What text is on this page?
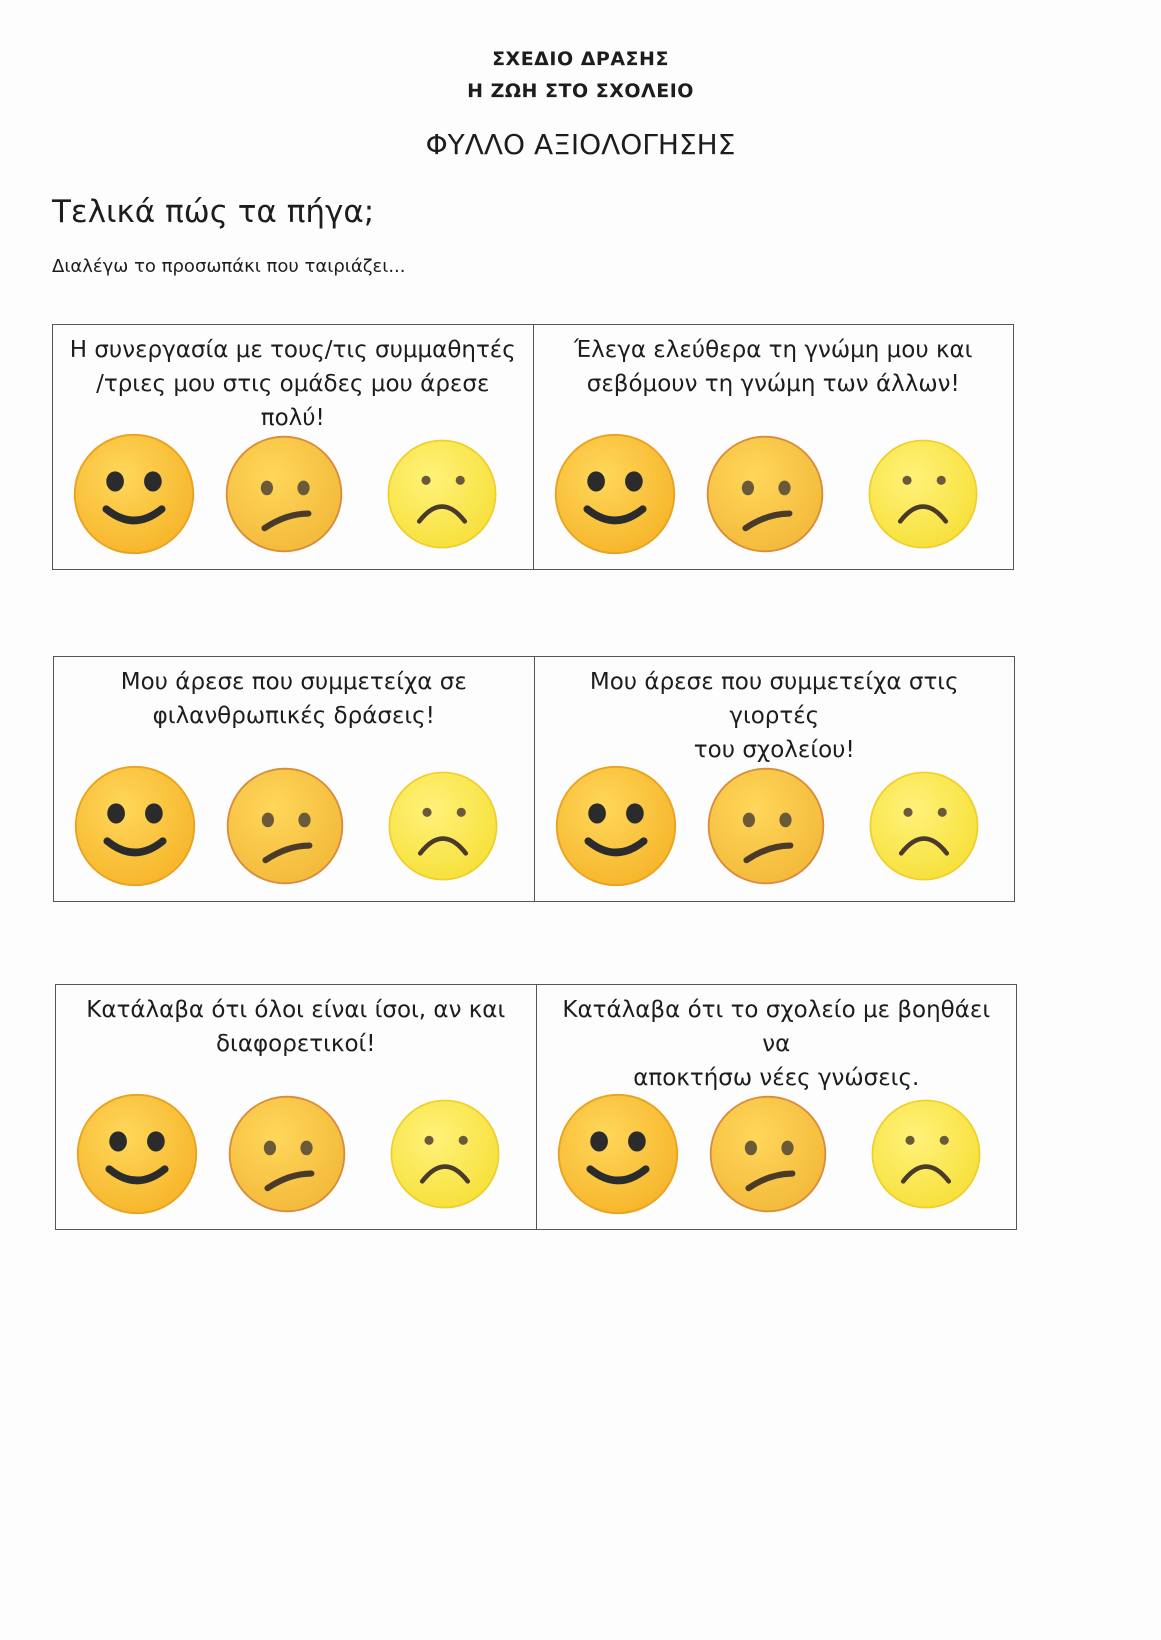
ΣΧΕΔΙΟ ΔΡΑΣΗΣ
Η ΖΩΗ ΣΤΟ ΣΧΟΛΕΙΟ
ΦΥΛΛΟ ΑΞΙΟΛΟΓΗΣΗΣ
Τελικά πώς τα πήγα;
Διαλέγω το προσωπάκι που ταιριάζει...
Η συνεργασία με τους/τις συμμαθητές
/τριες μου στις ομάδες μου άρεσε πολύ!
Έλεγα ελεύθερα τη γνώμη μου και
σεβόμουν τη γνώμη των άλλων!
Μου άρεσε που συμμετείχα σε
φιλανθρωπικές δράσεις!
Μου άρεσε που συμμετείχα στις γιορτές
του σχολείου!
Κατάλαβα ότι όλοι είναι ίσοι, αν και
διαφορετικοί!
Κατάλαβα ότι το σχολείο με βοηθάει να
αποκτήσω νέες γνώσεις.
